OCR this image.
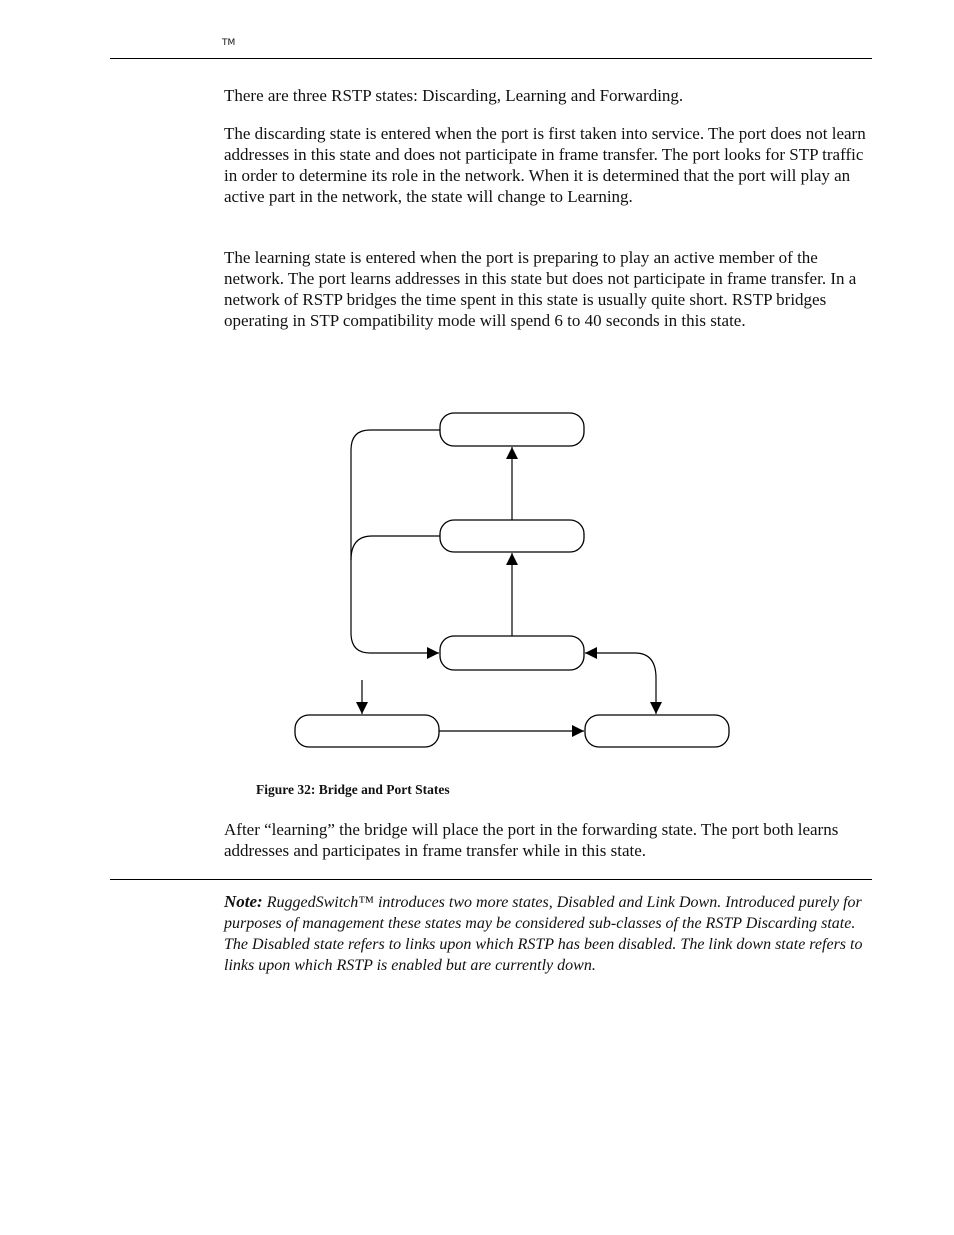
TM

There are three RSTP states: Discarding, Learning and Forwarding.

The discarding state is entered when the port is first taken into service. The port does not learn addresses in this state and does not participate in frame transfer. The port looks for STP traffic in order to determine its role in the network. When it is determined that the port will play an active part in the network, the state will change to Learning.

The learning state is entered when the port is preparing to play an active member of the network. The port learns addresses in this state but does not participate in frame transfer. In a network of RSTP bridges the time spent in this state is usually quite short. RSTP bridges operating in STP compatibility mode will spend 6 to 40 seconds in this state.

Figure 32: Bridge and Port States

After “learning” the bridge will place the port in the forwarding state. The port both learns addresses and participates in frame transfer while in this state.

Note: RuggedSwitch™ introduces two more states, Disabled and Link Down. Introduced purely for purposes of management these states may be considered sub-classes of the RSTP Discarding state. The Disabled state refers to links upon which RSTP has been disabled. The link down state refers to links upon which RSTP is enabled but are currently down.
